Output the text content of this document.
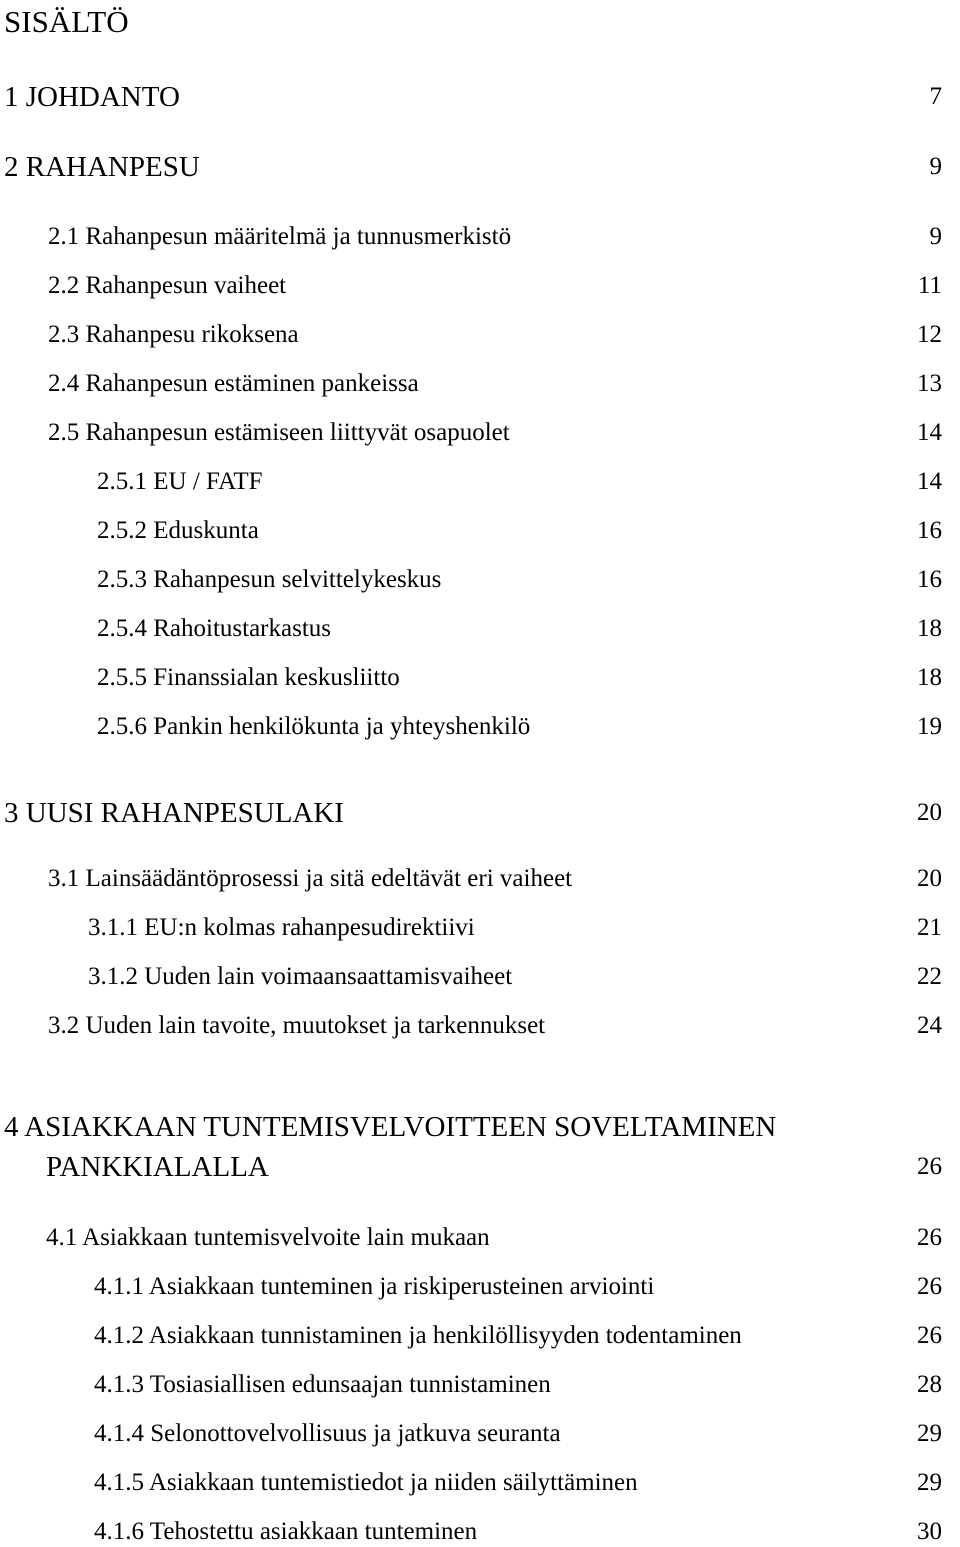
SISÄLTÖ
1 JOHDANTO	7
2 RAHANPESU	9
2.1 Rahanpesun määritelmä ja tunnusmerkistö	9
2.2 Rahanpesun vaiheet	11
2.3 Rahanpesu rikoksena	12
2.4 Rahanpesun estäminen pankeissa	13
2.5 Rahanpesun estämiseen liittyvät osapuolet	14
2.5.1 EU / FATF	14
2.5.2 Eduskunta	16
2.5.3 Rahanpesun selvittelykeskus	16
2.5.4 Rahoitustarkastus	18
2.5.5 Finanssialan keskusliitto	18
2.5.6 Pankin henkilökunta ja yhteyshenkilö	19
3 UUSI RAHANPESULAKI	20
3.1 Lainsäädäntöprosessi ja sitä edeltävät eri vaiheet	20
3.1.1 EU:n kolmas rahanpesudirektiivi	21
3.1.2 Uuden lain voimaansaattamisvaiheet	22
3.2 Uuden lain tavoite, muutokset ja tarkennukset	24
4 ASIAKKAAN TUNTEMISVELVOITTEEN SOVELTAMINEN
PANKKIALALLA	26
4.1 Asiakkaan tuntemisvelvoite lain mukaan	26
4.1.1 Asiakkaan tunteminen ja riskiperusteinen arviointi	26
4.1.2 Asiakkaan tunnistaminen ja henkilöllisyyden todentaminen	26
4.1.3 Tosiasiallisen edunsaajan tunnistaminen	28
4.1.4 Selonottovelvollisuus ja jatkuva seuranta	29
4.1.5 Asiakkaan tuntemistiedot ja niiden säilyttäminen	29
4.1.6 Tehostettu asiakkaan tunteminen	30
